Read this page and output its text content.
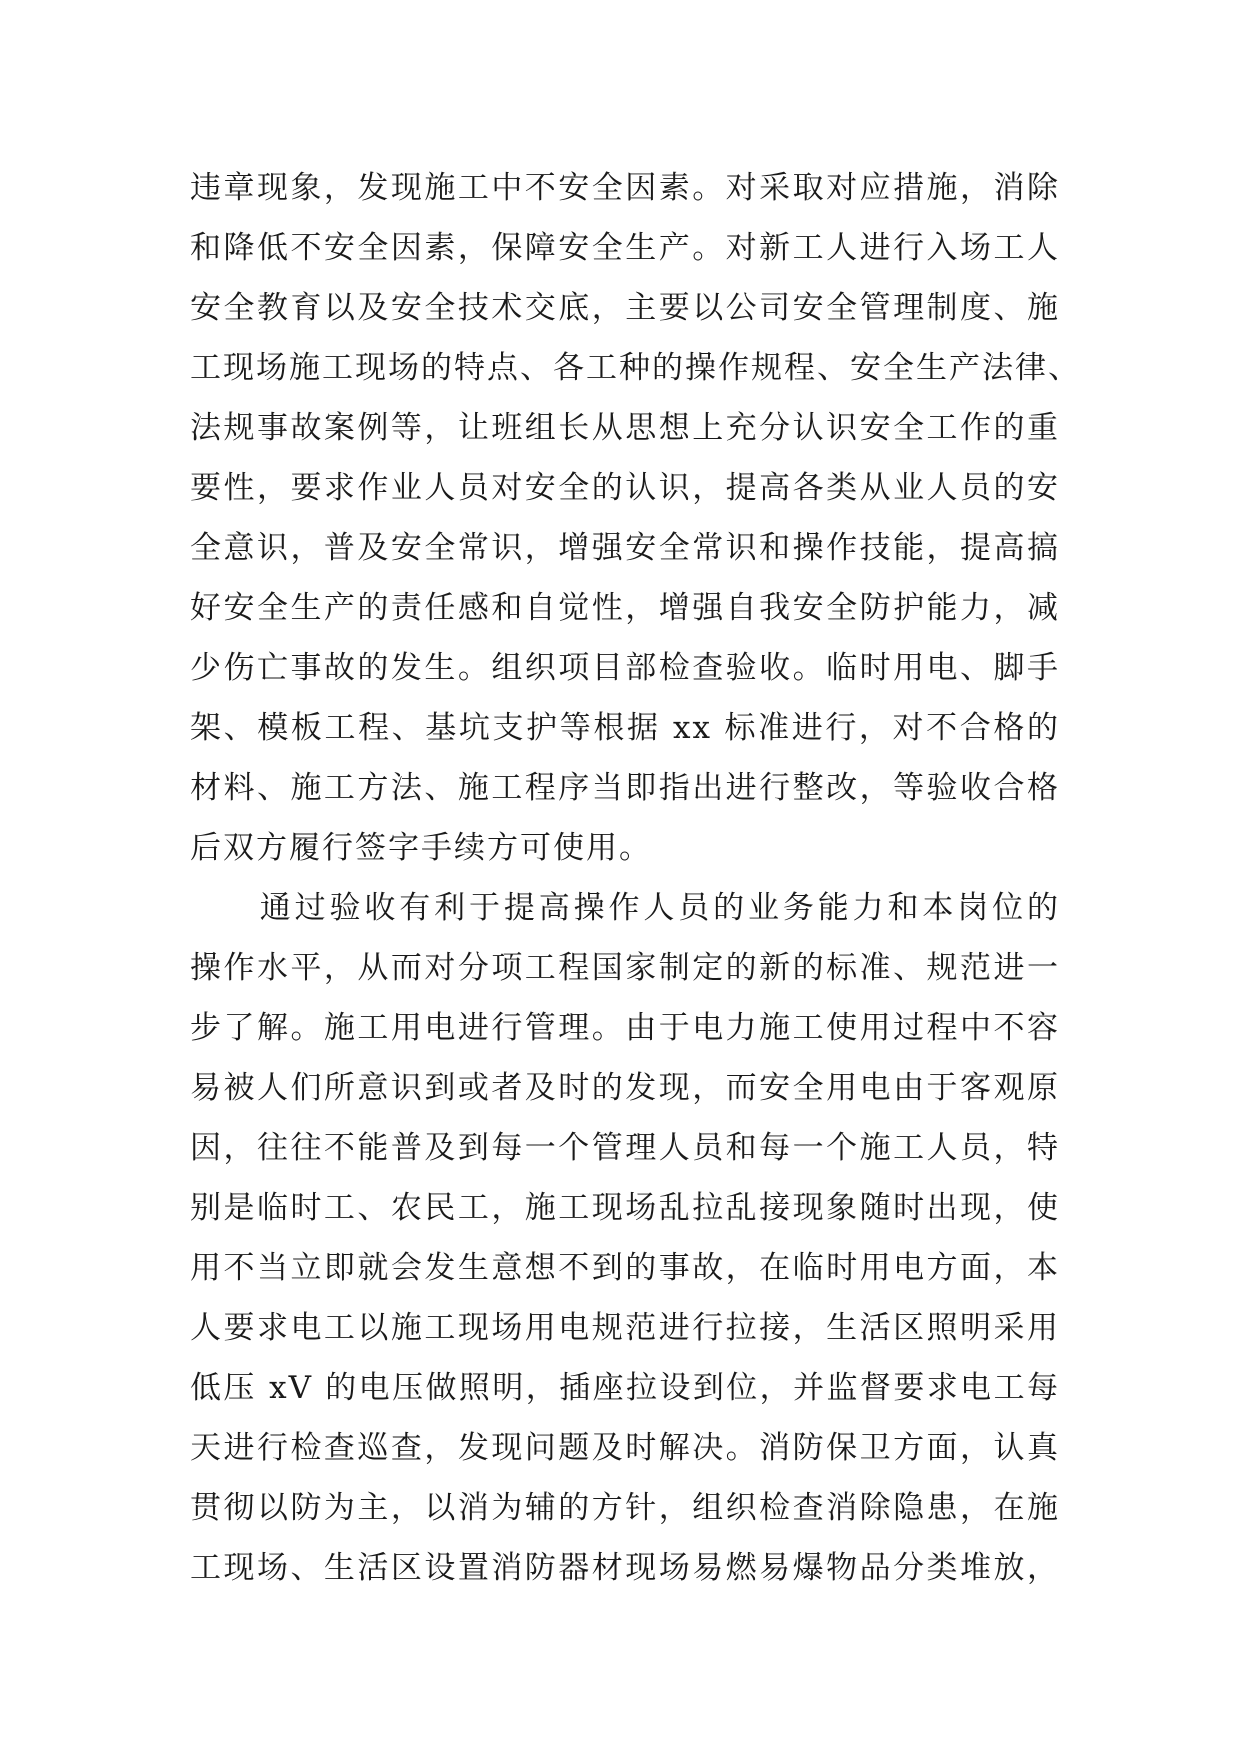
违章现象，发现施工中不安全因素。对采取对应措施，消除
和降低不安全因素，保障安全生产。对新工人进行入场工人
安全教育以及安全技术交底，主要以公司安全管理制度、施
工现场施工现场的特点、各工种的操作规程、安全生产法律、
法规事故案例等，让班组长从思想上充分认识安全工作的重
要性，要求作业人员对安全的认识，提高各类从业人员的安
全意识，普及安全常识，增强安全常识和操作技能，提高搞
好安全生产的责任感和自觉性，增强自我安全防护能力，减
少伤亡事故的发生。组织项目部检查验收。临时用电、脚手
架、模板工程、基坑支护等根据 xx 标准进行，对不合格的
材料、施工方法、施工程序当即指出进行整改，等验收合格
后双方履行签字手续方可使用。
　　通过验收有利于提高操作人员的业务能力和本岗位的
操作水平，从而对分项工程国家制定的新的标准、规范进一
步了解。施工用电进行管理。由于电力施工使用过程中不容
易被人们所意识到或者及时的发现，而安全用电由于客观原
因，往往不能普及到每一个管理人员和每一个施工人员，特
别是临时工、农民工，施工现场乱拉乱接现象随时出现，使
用不当立即就会发生意想不到的事故，在临时用电方面，本
人要求电工以施工现场用电规范进行拉接，生活区照明采用
低压 xV 的电压做照明，插座拉设到位，并监督要求电工每
天进行检查巡查，发现问题及时解决。消防保卫方面，认真
贯彻以防为主，以消为辅的方针，组织检查消除隐患，在施
工现场、生活区设置消防器材现场易燃易爆物品分类堆放，
